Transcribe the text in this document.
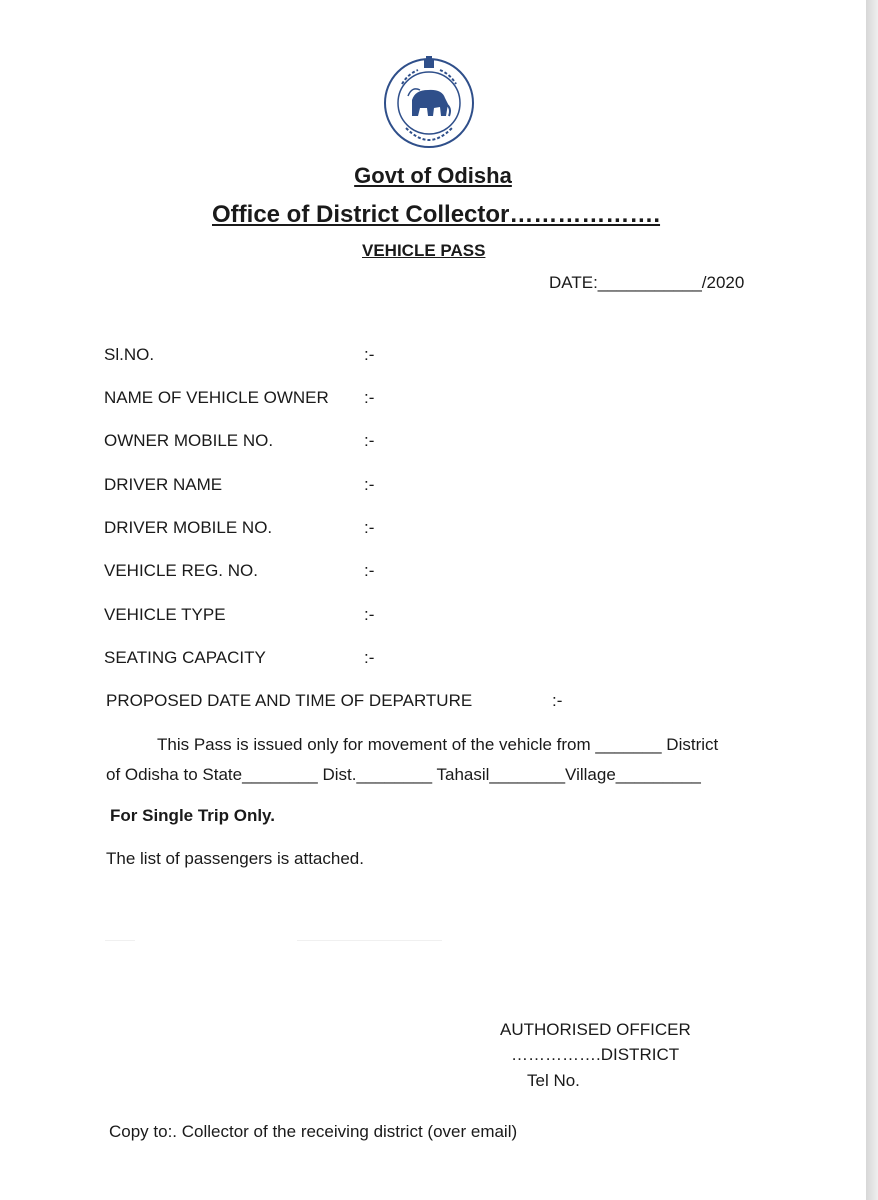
Govt of Odisha
Office of District Collector……………….
VEHICLE PASS
DATE:___________/2020
Sl.NO.	:-
NAME OF VEHICLE OWNER :-
OWNER MOBILE NO.	:-
DRIVER NAME	:-
DRIVER MOBILE NO.	:-
VEHICLE REG. NO.	:-
VEHICLE TYPE	:-
SEATING CAPACITY	:-
PROPOSED DATE AND TIME OF DEPARTURE	:-
This Pass is issued only for movement of the vehicle from _______ District
of Odisha to State________ Dist.________ Tahasil________Village_________
For Single Trip Only.
The list of passengers is attached.
AUTHORISED OFFICER
…………….DISTRICT
Tel No.
Copy to:. Collector of the receiving district (over email)
